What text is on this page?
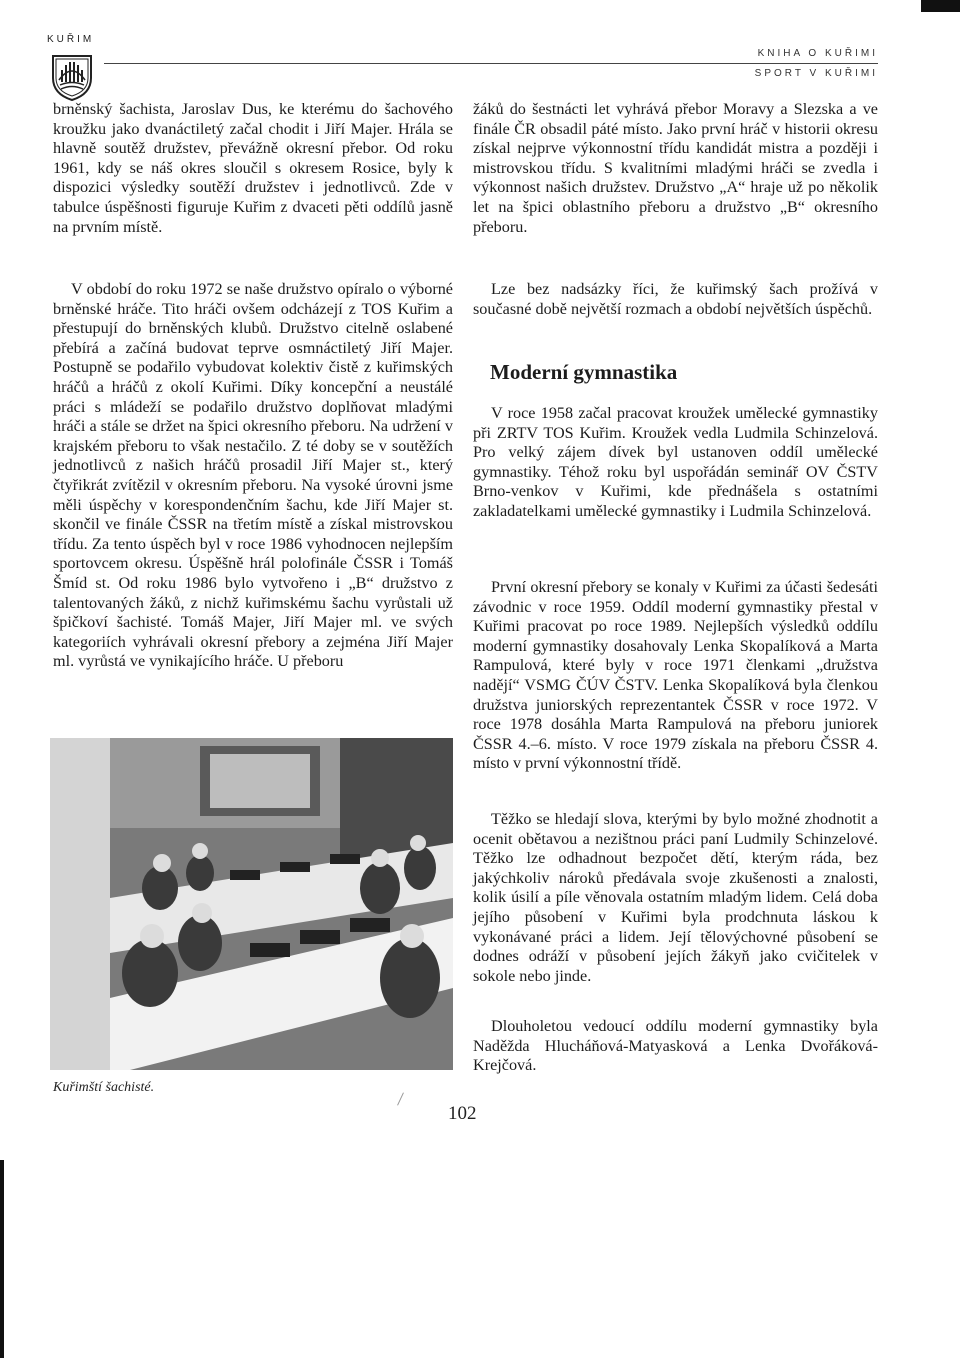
KUŘIM
KNIHA O KUŘIMI
SPORT V KUŘIMI

brněnský šachista, Jaroslav Dus, ke kterému do šachového kroužku jako dvanáctiletý začal chodit i Jiří Majer. Hrála se hlavně soutěž družstev, převážně okresní přebor. Od roku 1961, kdy se náš okres sloučil s okresem Rosice, byly k dispozici výsledky soutěží družstev i jednotlivců. Zde v tabulce úspěšnosti figuruje Kuřim z dvaceti pěti oddílů jasně na prvním místě.

V období do roku 1972 se naše družstvo opíralo o výborné brněnské hráče. Tito hráči ovšem odcházejí z TOS Kuřim a přestupují do brněnských klubů. Družstvo citelně oslabené přebírá a začíná budovat teprve osmnáctiletý Jiří Majer. Postupně se podařilo vybudovat kolektiv čistě z kuřimských hráčů a hráčů z okolí Kuřimi. Díky koncepční a neustálé práci s mládeží se podařilo družstvo doplňovat mladými hráči a stále se držet na špici okresního přeboru. Na udržení v krajském přeboru to však nestačilo. Z té doby se v soutěžích jednotlivců z našich hráčů prosadil Jiří Majer st., který čtyřikrát zvítězil v okresním přeboru. Na vysoké úrovni jsme měli úspěchy v korespondenčním šachu, kde Jiří Majer st. skončil ve finále ČSSR na třetím místě a získal mistrovskou třídu. Za tento úspěch byl v roce 1986 vyhodnocen nejlepším sportovcem okresu. Úspěšně hrál polofinále ČSSR i Tomáš Šmíd st. Od roku 1986 bylo vytvořeno i „B“ družstvo z talentovaných žáků, z nichž kuřimskému šachu vyrůstali už špičkoví šachisté. Tomáš Majer, Jiří Majer ml. ve svých kategoriích vyhrávali okresní přebory a zejména Jiří Majer ml. vyrůstá ve vynikajícího hráče. U přeboru

Kuřimští šachisté.

žáků do šestnácti let vyhrává přebor Moravy a Slezska a ve finále ČR obsadil páté místo. Jako první hráč v historii okresu získal nejprve výkonnostní třídu kandidát mistra a později i mistrovskou třídu. S kvalitními mladými hráči se zvedla i výkonnost našich družstev. Družstvo „A“ hraje už po několik let na špici oblastního přeboru a družstvo „B“ okresního přeboru.

Lze bez nadsázky říci, že kuřimský šach prožívá v současné době největší rozmach a období největších úspěchů.

Moderní gymnastika

V roce 1958 začal pracovat kroužek umělecké gymnastiky při ZRTV TOS Kuřim. Kroužek vedla Ludmila Schinzelová. Pro velký zájem dívek byl ustanoven oddíl umělecké gymnastiky. Téhož roku byl uspořádán seminář OV ČSTV Brno-venkov v Kuřimi, kde přednášela s ostatními zakladatelkami umělecké gymnastiky i Ludmila Schinzelová.

První okresní přebory se konaly v Kuřimi za účasti šedesáti závodnic v roce 1959. Oddíl moderní gymnastiky přestal v Kuřimi pracovat po roce 1989. Nejlepších výsledků oddílu moderní gymnastiky dosahovaly Lenka Skopalíková a Marta Rampulová, které byly v roce 1971 členkami „družstva nadějí“ VSMG ČÚV ČSTV. Lenka Skopalíková byla členkou družstva juniorských reprezentantek ČSSR v roce 1972. V roce 1978 dosáhla Marta Rampulová na přeboru juniorek ČSSR 4.–6. místo. V roce 1979 získala na přeboru ČSSR 4. místo v první výkonnostní třídě.

Těžko se hledají slova, kterými by bylo možné zhodnotit a ocenit obětavou a nezištnou práci paní Ludmily Schinzelové. Těžko lze odhadnout bezpočet dětí, kterým ráda, bez jakýchkoliv nároků předávala svoje zkušenosti a znalosti, kolik úsilí a píle věnovala ostatním mladým lidem. Celá doba jejího působení v Kuřimi byla prodchnuta láskou k vykonávané práci a lidem. Její tělovýchovné působení se dodnes odráží v působení jejích žákyň jako cvičitelek v sokole nebo jinde.

Dlouholetou vedoucí oddílu moderní gymnastiky byla Naděžda Hlucháňová-Matyasková a Lenka Dvořáková-Krejčová.

102
